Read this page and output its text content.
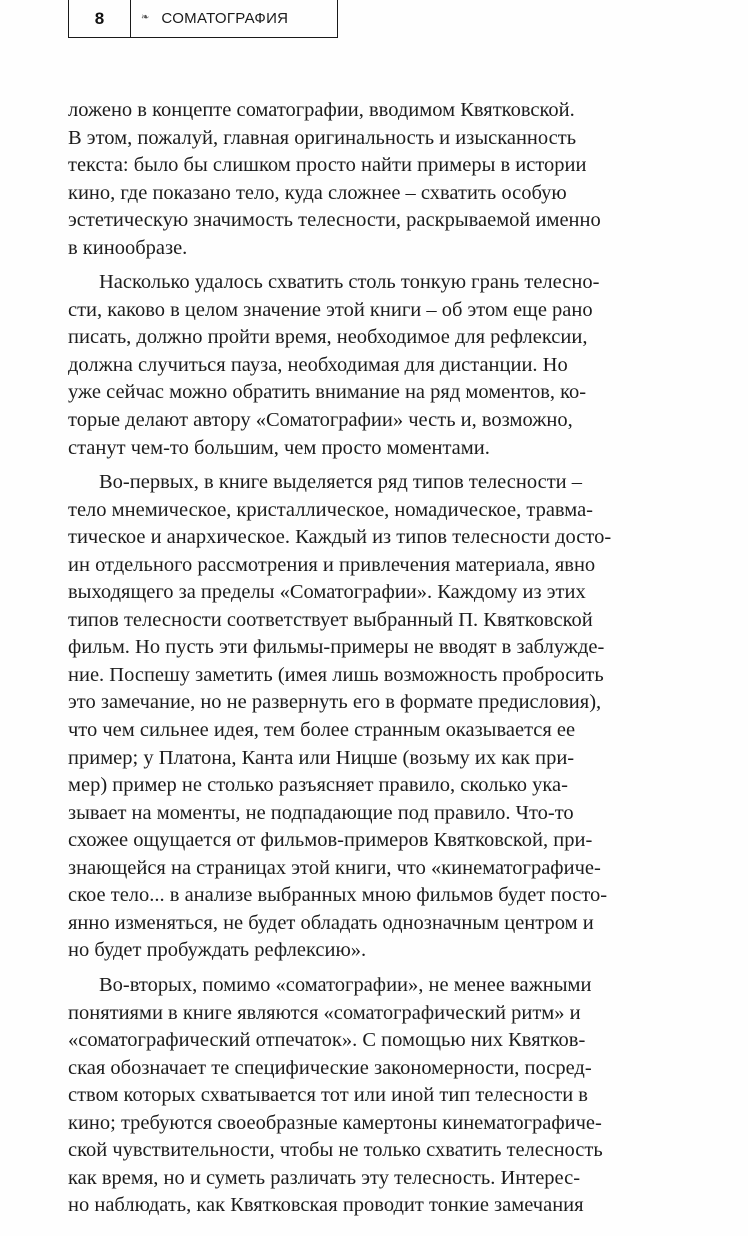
8	❧ СОМАТОГРАФИЯ
ложено в концепте соматографии, вводимом Квятковской.
В этом, пожалуй, главная оригинальность и изысканность
текста: было бы слишком просто найти примеры в истории
кино, где показано тело, куда сложнее – схватить особую
эстетическую значимость телесности, раскрываемой именно
в кинообразе.
Насколько удалось схватить столь тонкую грань телесно-
сти, каково в целом значение этой книги – об этом еще рано
писать, должно пройти время, необходимое для рефлексии,
должна случиться пауза, необходимая для дистанции. Но
уже сейчас можно обратить внимание на ряд моментов, ко-
торые делают автору «Соматографии» честь и, возможно,
станут чем-то большим, чем просто моментами.
Во-первых, в книге выделяется ряд типов телесности –
тело мнемическое, кристаллическое, номадическое, травма-
тическое и анархическое. Каждый из типов телесности досто-
ин отдельного рассмотрения и привлечения материала, явно
выходящего за пределы «Соматографии». Каждому из этих
типов телесности соответствует выбранный П. Квятковской
фильм. Но пусть эти фильмы-примеры не вводят в заблужде-
ние. Поспешу заметить (имея лишь возможность пробросить
это замечание, но не развернуть его в формате предисловия),
что чем сильнее идея, тем более странным оказывается ее
пример; у Платона, Канта или Ницше (возьму их как при-
мер) пример не столько разъясняет правило, сколько ука-
зывает на моменты, не подпадающие под правило. Что-то
схожее ощущается от фильмов-примеров Квятковской, при-
знающейся на страницах этой книги, что «кинематографиче-
ское тело... в анализе выбранных мною фильмов будет посто-
янно изменяться, не будет обладать однозначным центром и
но будет пробуждать рефлексию».
Во-вторых, помимо «соматографии», не менее важными
понятиями в книге являются «соматографический ритм» и
«соматографический отпечаток». С помощью них Квятков-
ская обозначает те специфические закономерности, посред-
ством которых схватывается тот или иной тип телесности в
кино; требуются своеобразные камертоны кинематографиче-
ской чувствительности, чтобы не только схватить телесность
как время, но и суметь различать эту телесность. Интерес-
но наблюдать, как Квятковская проводит тонкие замечания
